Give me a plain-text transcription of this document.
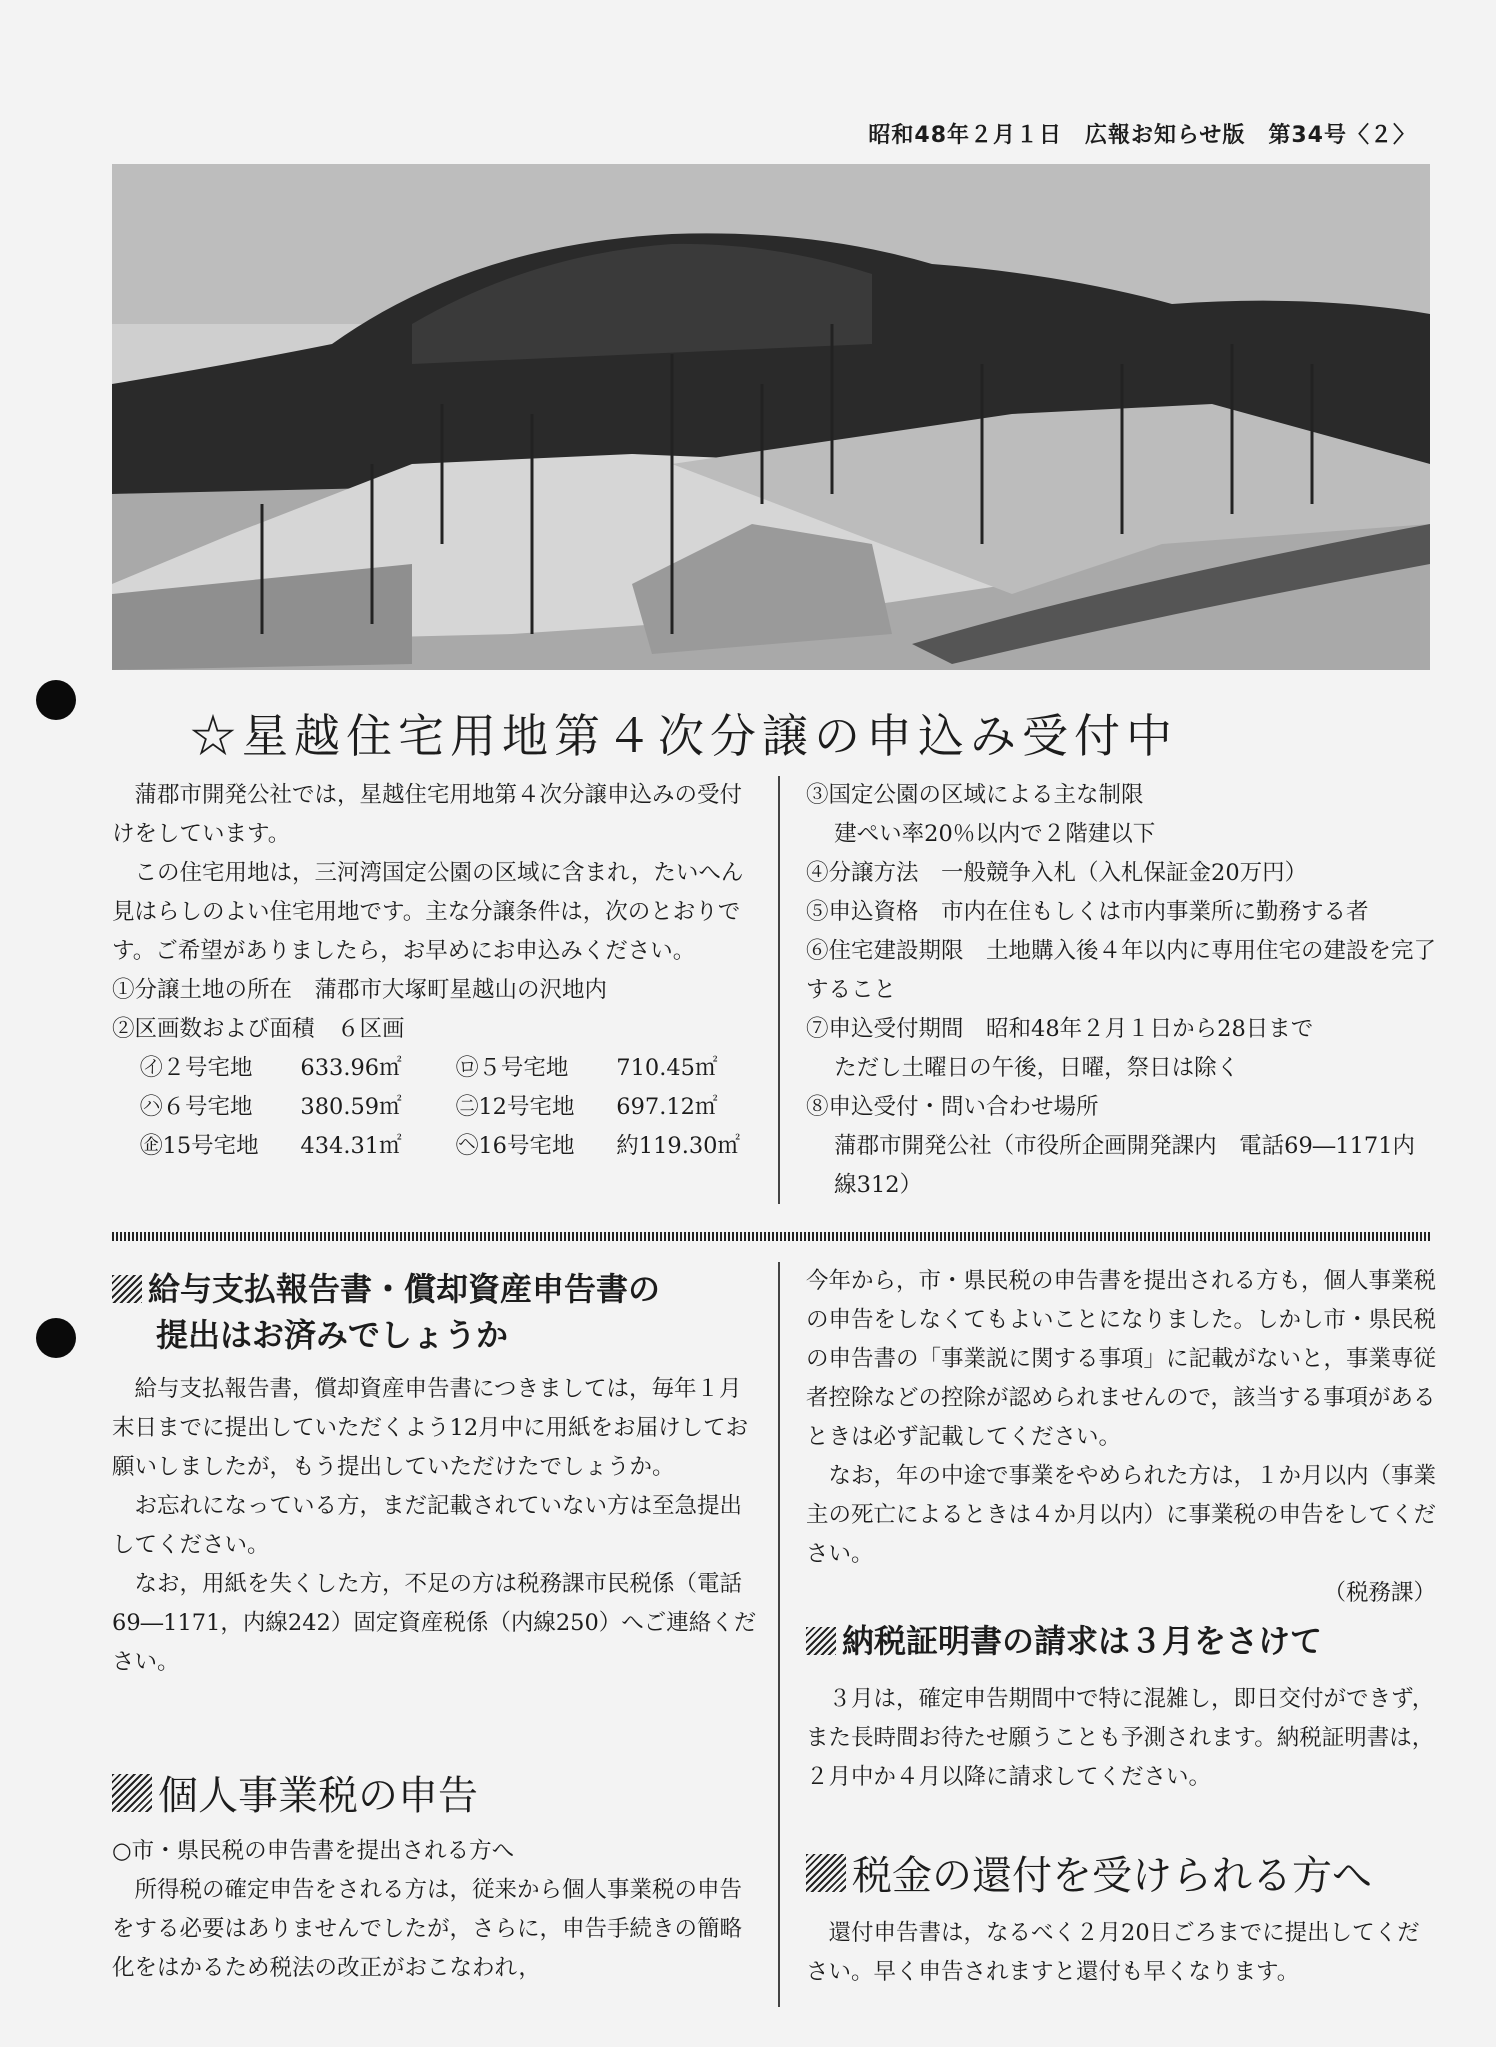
昭和48年２月１日　広報お知らせ版　第34号〈２〉
☆星越住宅用地第４次分譲の申込み受付中

蒲郡市開発公社では，星越住宅用地第４次分譲申込みの受付けをしています。

この住宅用地は，三河湾国定公園の区域に含まれ，たいへん見はらしのよい住宅用地です。主な分譲条件は，次のとおりです。ご希望がありましたら，お早めにお申込みください。

①分譲土地の所在　蒲郡市大塚町星越山の沢地内

②区画数および面積　６区画

㋑２号宅地	633.96㎡	㋺５号宅地	710.45㎡
㋩６号宅地	380.59㎡	㊁12号宅地	697.12㎡
㊭15号宅地	434.31㎡	㋬16号宅地	約119.30㎡

③国定公園の区域による主な制限

建ぺい率20％以内で２階建以下

④分譲方法　一般競争入札（入札保証金20万円）

⑤申込資格　市内在住もしくは市内事業所に勤務する者

⑥住宅建設期限　土地購入後４年以内に専用住宅の建設を完了すること

⑦申込受付期間　昭和48年２月１日から28日まで

ただし土曜日の午後，日曜，祭日は除く

⑧申込受付・問い合わせ場所

蒲郡市開発公社（市役所企画開発課内　電話69―1171内線312）

給与支払報告書・償却資産申告書の
提出はお済みでしょうか

給与支払報告書，償却資産申告書につきましては，毎年１月末日までに提出していただくよう12月中に用紙をお届けしてお願いしましたが，もう提出していただけたでしょうか。

お忘れになっている方，まだ記載されていない方は至急提出してください。

なお，用紙を失くした方，不足の方は税務課市民税係（電話69―1171，内線242）固定資産税係（内線250）へご連絡ください。

個人事業税の申告

○市・県民税の申告書を提出される方へ

所得税の確定申告をされる方は，従来から個人事業税の申告をする必要はありませんでしたが，さらに，申告手続きの簡略化をはかるため税法の改正がおこなわれ，

今年から，市・県民税の申告書を提出される方も，個人事業税の申告をしなくてもよいことになりました。しかし市・県民税の申告書の「事業説に関する事項」に記載がないと，事業専従者控除などの控除が認められませんので，該当する事項があるときは必ず記載してください。

なお，年の中途で事業をやめられた方は，１か月以内（事業主の死亡によるときは４か月以内）に事業税の申告をしてください。

（税務課）

納税証明書の請求は３月をさけて

３月は，確定申告期間中で特に混雑し，即日交付ができず，また長時間お待たせ願うことも予測されます。納税証明書は，２月中か４月以降に請求してください。

税金の還付を受けられる方へ

還付申告書は，なるべく２月20日ごろまでに提出してください。早く申告されますと還付も早くなります。
